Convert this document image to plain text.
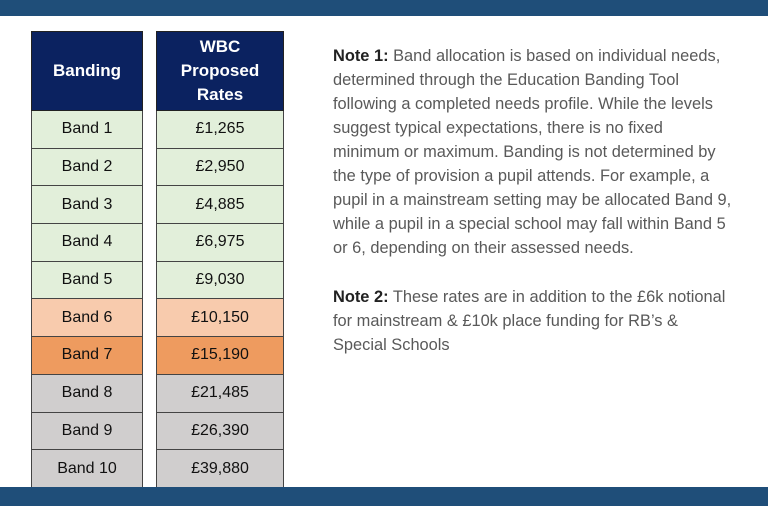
Banding
Band 1
Band 2
Band 3
Band 4
Band 5
Band 6
Band 7
Band 8
Band 9
Band 10
WBC
Proposed
Rates
£1,265
£2,950
£4,885
£6,975
£9,030
£10,150
£15,190
£21,485
£26,390
£39,880

Note 1: Band allocation is based on individual needs, determined through the Education Banding Tool following a completed needs profile. While the levels suggest typical expectations, there is no fixed minimum or maximum. Banding is not determined by the type of provision a pupil attends. For example, a pupil in a mainstream setting may be allocated Band 9, while a pupil in a special school may fall within Band 5 or 6, depending on their assessed needs.

Note 2: These rates are in addition to the £6k notional for mainstream & £10k place funding for RB’s & Special Schools
